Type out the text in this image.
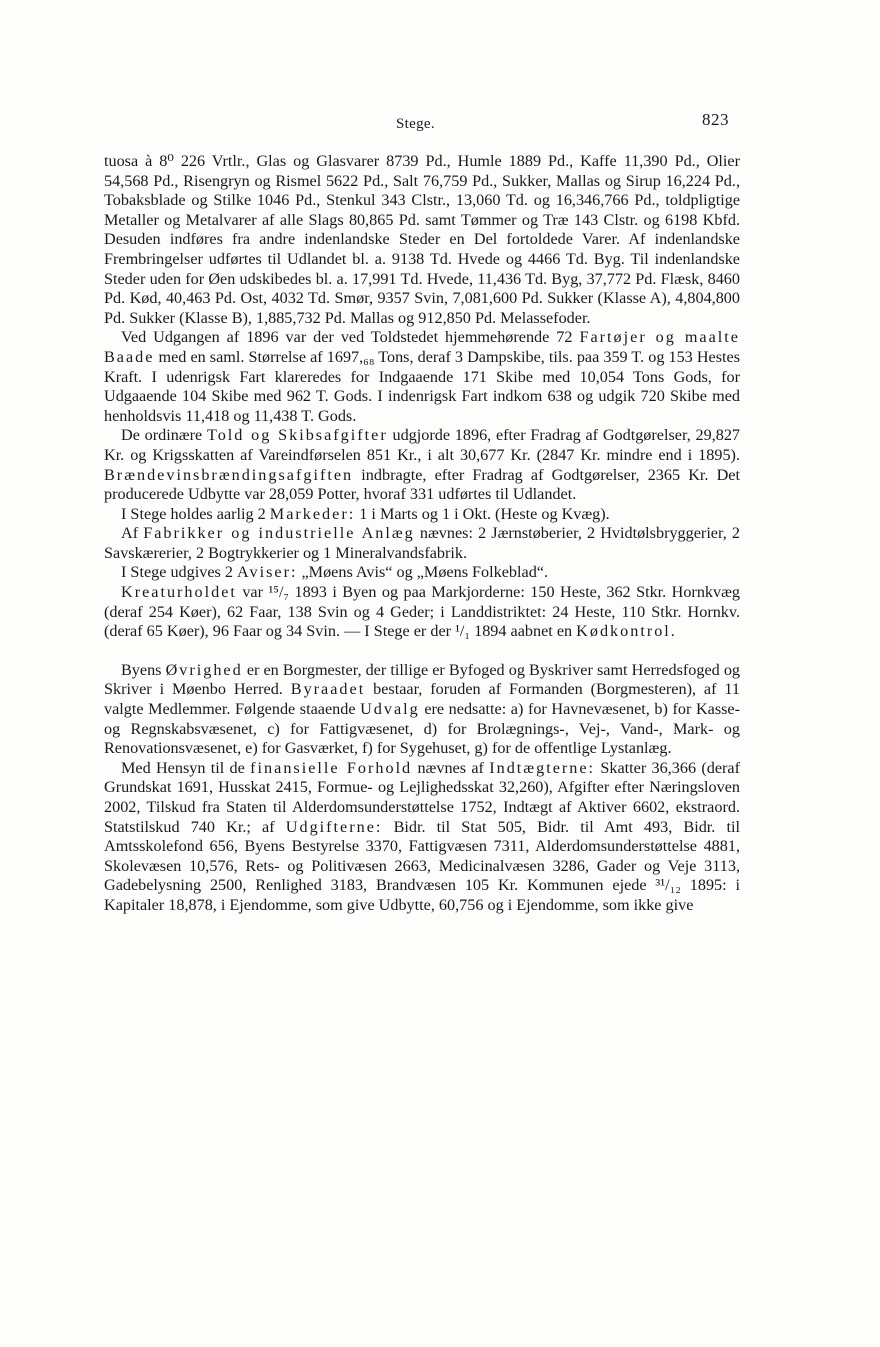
Stege.	823

tuosa à 8⁰ 226 Vrtlr., Glas og Glasvarer 8739 Pd., Humle 1889 Pd., Kaffe 11,390 Pd., Olier 54,568 Pd., Risengryn og Rismel 5622 Pd., Salt 76,759 Pd., Sukker, Mallas og Sirup 16,224 Pd., Tobaksblade og Stilke 1046 Pd., Stenkul 343 Clstr., 13,060 Td. og 16,346,766 Pd., toldpligtige Metaller og Metalvarer af alle Slags 80,865 Pd. samt Tømmer og Træ 143 Clstr. og 6198 Kbfd. Desuden indføres fra andre indenlandske Steder en Del fortoldede Varer. Af indenlandske Frembringelser udførtes til Udlandet bl. a. 9138 Td. Hvede og 4466 Td. Byg. Til indenlandske Steder uden for Øen udskibedes bl. a. 17,991 Td. Hvede, 11,436 Td. Byg, 37,772 Pd. Flæsk, 8460 Pd. Kød, 40,463 Pd. Ost, 4032 Td. Smør, 9357 Svin, 7,081,600 Pd. Sukker (Klasse A), 4,804,800 Pd. Sukker (Klasse B), 1,885,732 Pd. Mallas og 912,850 Pd. Melassefoder.

Ved Udgangen af 1896 var der ved Toldstedet hjemmehørende 72 Fartøjer og maalte Baade med en saml. Størrelse af 1697,₆₈ Tons, deraf 3 Dampskibe, tils. paa 359 T. og 153 Hestes Kraft. I udenrigsk Fart klareredes for Indgaaende 171 Skibe med 10,054 Tons Gods, for Udgaaende 104 Skibe med 962 T. Gods. I indenrigsk Fart indkom 638 og udgik 720 Skibe med henholdsvis 11,418 og 11,438 T. Gods.

De ordinære Told og Skibsafgifter udgjorde 1896, efter Fradrag af Godtgørelser, 29,827 Kr. og Krigsskatten af Vareindførselen 851 Kr., i alt 30,677 Kr. (2847 Kr. mindre end i 1895). Brændevinsbrændingsafgiften indbragte, efter Fradrag af Godtgørelser, 2365 Kr. Det producerede Udbytte var 28,059 Potter, hvoraf 331 udførtes til Udlandet.

I Stege holdes aarlig 2 Markeder: 1 i Marts og 1 i Okt. (Heste og Kvæg).

Af Fabrikker og industrielle Anlæg nævnes: 2 Jærnstøberier, 2 Hvidtølsbryggerier, 2 Savskærerier, 2 Bogtrykkerier og 1 Mineralvandsfabrik.

I Stege udgives 2 Aviser: „Møens Avis“ og „Møens Folkeblad“.

Kreaturholdet var ¹⁵/₇ 1893 i Byen og paa Markjorderne: 150 Heste, 362 Stkr. Hornkvæg (deraf 254 Køer), 62 Faar, 138 Svin og 4 Geder; i Landdistriktet: 24 Heste, 110 Stkr. Hornkv. (deraf 65 Køer), 96 Faar og 34 Svin. — I Stege er der ¹/₁ 1894 aabnet en Kødkontrol.

Byens Øvrighed er en Borgmester, der tillige er Byfoged og Byskriver samt Herredsfoged og Skriver i Møenbo Herred. Byraadet bestaar, foruden af Formanden (Borgmesteren), af 11 valgte Medlemmer. Følgende staaende Udvalg ere nedsatte: a) for Havnevæsenet, b) for Kasse- og Regnskabsvæsenet, c) for Fattigvæsenet, d) for Brolægnings-, Vej-, Vand-, Mark- og Renovationsvæsenet, e) for Gasværket, f) for Sygehuset, g) for de offentlige Lystanlæg.

Med Hensyn til de finansielle Forhold nævnes af Indtægterne: Skatter 36,366 (deraf Grundskat 1691, Husskat 2415, Formue- og Lejlighedsskat 32,260), Afgifter efter Næringsloven 2002, Tilskud fra Staten til Alderdomsunderstøttelse 1752, Indtægt af Aktiver 6602, ekstraord. Statstilskud 740 Kr.; af Udgifterne: Bidr. til Stat 505, Bidr. til Amt 493, Bidr. til Amtsskolefond 656, Byens Bestyrelse 3370, Fattigvæsen 7311, Alderdomsunderstøttelse 4881, Skolevæsen 10,576, Rets- og Politivæsen 2663, Medicinalvæsen 3286, Gader og Veje 3113, Gadebelysning 2500, Renlighed 3183, Brandvæsen 105 Kr. Kommunen ejede ³¹/₁₂ 1895: i Kapitaler 18,878, i Ejendomme, som give Udbytte, 60,756 og i Ejendomme, som ikke give
